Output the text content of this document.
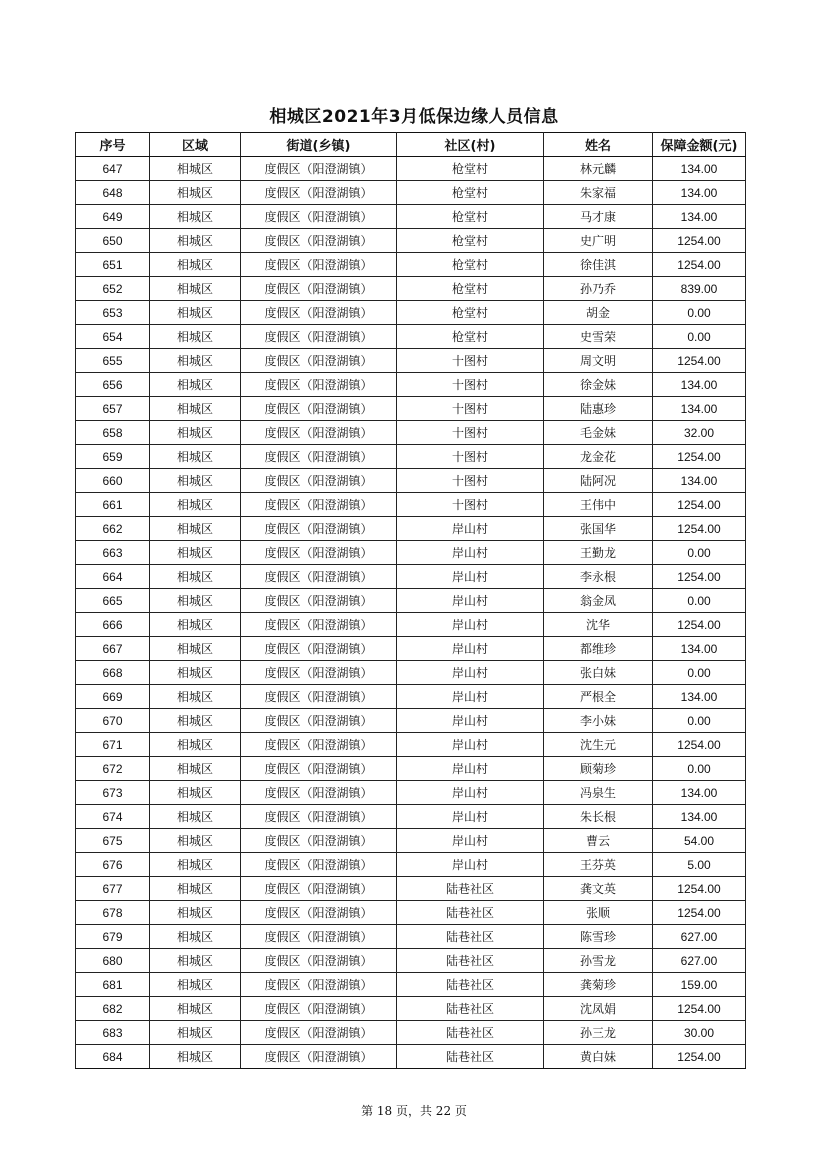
相城区2021年3月低保边缘人员信息
序号	区域	街道(乡镇)	社区(村)	姓名	保障金额(元)
647	相城区	度假区（阳澄湖镇）	枪堂村	林元麟	134.00
648	相城区	度假区（阳澄湖镇）	枪堂村	朱家福	134.00
649	相城区	度假区（阳澄湖镇）	枪堂村	马才康	134.00
650	相城区	度假区（阳澄湖镇）	枪堂村	史广明	1254.00
651	相城区	度假区（阳澄湖镇）	枪堂村	徐佳淇	1254.00
652	相城区	度假区（阳澄湖镇）	枪堂村	孙乃乔	839.00
653	相城区	度假区（阳澄湖镇）	枪堂村	胡金	0.00
654	相城区	度假区（阳澄湖镇）	枪堂村	史雪荣	0.00
655	相城区	度假区（阳澄湖镇）	十图村	周文明	1254.00
656	相城区	度假区（阳澄湖镇）	十图村	徐金妹	134.00
657	相城区	度假区（阳澄湖镇）	十图村	陆惠珍	134.00
658	相城区	度假区（阳澄湖镇）	十图村	毛金妹	32.00
659	相城区	度假区（阳澄湖镇）	十图村	龙金花	1254.00
660	相城区	度假区（阳澄湖镇）	十图村	陆阿况	134.00
661	相城区	度假区（阳澄湖镇）	十图村	王伟中	1254.00
662	相城区	度假区（阳澄湖镇）	岸山村	张国华	1254.00
663	相城区	度假区（阳澄湖镇）	岸山村	王勤龙	0.00
664	相城区	度假区（阳澄湖镇）	岸山村	李永根	1254.00
665	相城区	度假区（阳澄湖镇）	岸山村	翁金凤	0.00
666	相城区	度假区（阳澄湖镇）	岸山村	沈华	1254.00
667	相城区	度假区（阳澄湖镇）	岸山村	都维珍	134.00
668	相城区	度假区（阳澄湖镇）	岸山村	张白妹	0.00
669	相城区	度假区（阳澄湖镇）	岸山村	严根全	134.00
670	相城区	度假区（阳澄湖镇）	岸山村	李小妹	0.00
671	相城区	度假区（阳澄湖镇）	岸山村	沈生元	1254.00
672	相城区	度假区（阳澄湖镇）	岸山村	顾菊珍	0.00
673	相城区	度假区（阳澄湖镇）	岸山村	冯泉生	134.00
674	相城区	度假区（阳澄湖镇）	岸山村	朱长根	134.00
675	相城区	度假区（阳澄湖镇）	岸山村	曹云	54.00
676	相城区	度假区（阳澄湖镇）	岸山村	王芬英	5.00
677	相城区	度假区（阳澄湖镇）	陆巷社区	龚文英	1254.00
678	相城区	度假区（阳澄湖镇）	陆巷社区	张顺	1254.00
679	相城区	度假区（阳澄湖镇）	陆巷社区	陈雪珍	627.00
680	相城区	度假区（阳澄湖镇）	陆巷社区	孙雪龙	627.00
681	相城区	度假区（阳澄湖镇）	陆巷社区	龚菊珍	159.00
682	相城区	度假区（阳澄湖镇）	陆巷社区	沈凤娟	1254.00
683	相城区	度假区（阳澄湖镇）	陆巷社区	孙三龙	30.00
684	相城区	度假区（阳澄湖镇）	陆巷社区	黄白妹	1254.00
第 18 页，共 22 页
